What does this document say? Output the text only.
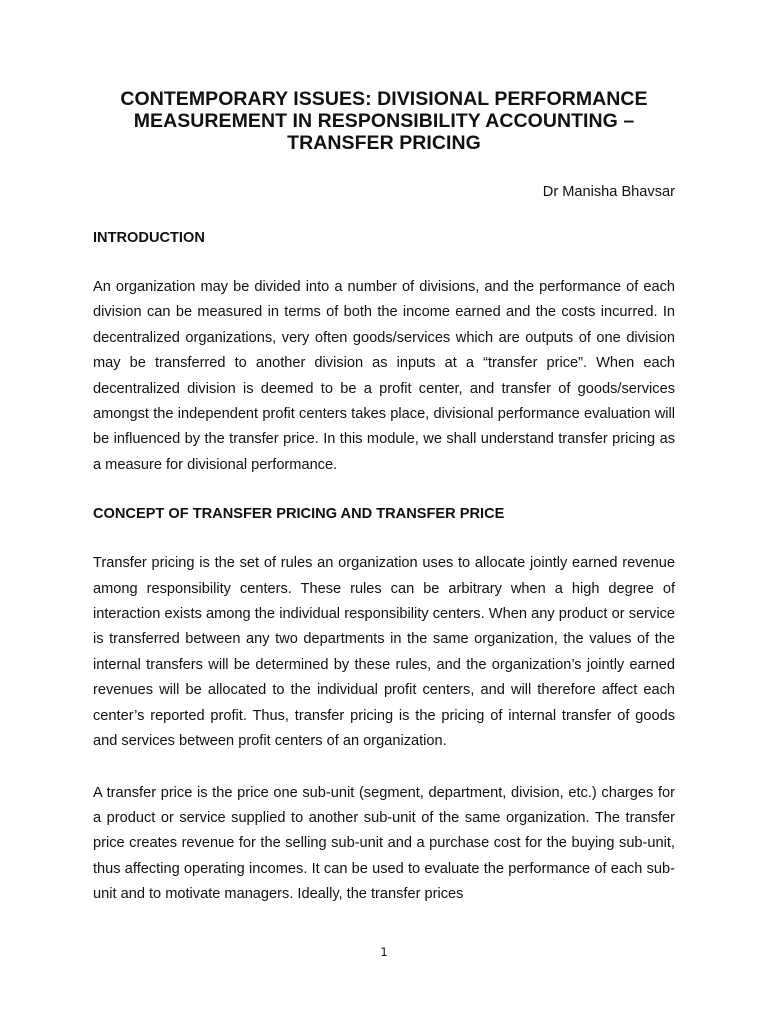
CONTEMPORARY ISSUES: DIVISIONAL PERFORMANCE MEASUREMENT IN RESPONSIBILITY ACCOUNTING – TRANSFER PRICING

Dr Manisha Bhavsar

INTRODUCTION

An organization may be divided into a number of divisions, and the performance of each division can be measured in terms of both the income earned and the costs incurred. In decentralized organizations, very often goods/services which are outputs of one division may be transferred to another division as inputs at a “transfer price”. When each decentralized division is deemed to be a profit center, and transfer of goods/services amongst the independent profit centers takes place, divisional performance evaluation will be influenced by the transfer price. In this module, we shall understand transfer pricing as a measure for divisional performance.

CONCEPT OF TRANSFER PRICING AND TRANSFER PRICE

Transfer pricing is the set of rules an organization uses to allocate jointly earned revenue among responsibility centers. These rules can be arbitrary when a high degree of interaction exists among the individual responsibility centers. When any product or service is transferred between any two departments in the same organization, the values of the internal transfers will be determined by these rules, and the organization’s jointly earned revenues will be allocated to the individual profit centers, and will therefore affect each center’s reported profit. Thus, transfer pricing is the pricing of internal transfer of goods and services between profit centers of an organization.

A transfer price is the price one sub-unit (segment, department, division, etc.) charges for a product or service supplied to another sub-unit of the same organization. The transfer price creates revenue for the selling sub-unit and a purchase cost for the buying sub-unit, thus affecting operating incomes. It can be used to evaluate the performance of each sub-unit and to motivate managers. Ideally, the transfer prices

1
